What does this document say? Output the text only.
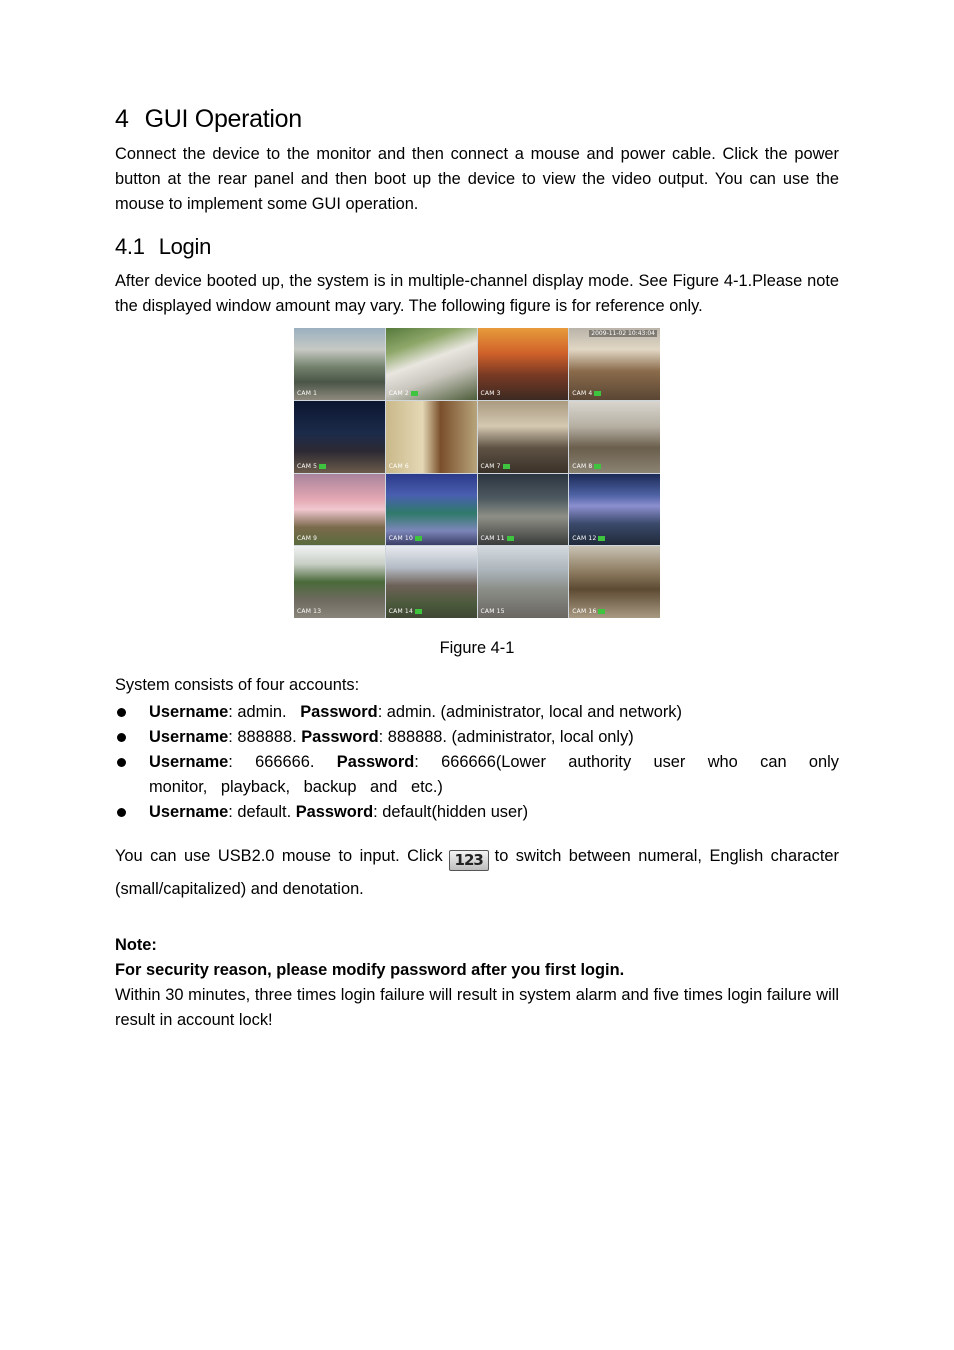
4 GUI Operation

Connect the device to the monitor and then connect a mouse and power cable. Click the power button at the rear panel and then boot up the device to view the video output. You can use the mouse to implement some GUI operation.

4.1 Login

After device booted up, the system is in multiple-channel display mode. See Figure 4-1.Please note the displayed window amount may vary. The following figure is for reference only.

CAM 1	CAM 2	CAM 3
2009-11-02 10:43:04
CAM 4
CAM 5	CAM 6	CAM 7	CAM 8
CAM 9	CAM 10	CAM 11	CAM 12
CAM 13	CAM 14	CAM 15	CAM 16
Figure 4-1

System consists of four accounts:

Username: admin. Password: admin. (administrator, local and network)
Username: 888888. Password: 888888. (administrator, local only)
Username: 666666. Password: 666666(Lower authority user who can only monitor, playback, backup and etc.)
Username: default. Password: default(hidden user)

You can use USB2.0 mouse to input. Click 123 to switch between numeral, English character (small/capitalized) and denotation.

Note:

For security reason, please modify password after you first login.

Within 30 minutes, three times login failure will result in system alarm and five times login failure will result in account lock!
